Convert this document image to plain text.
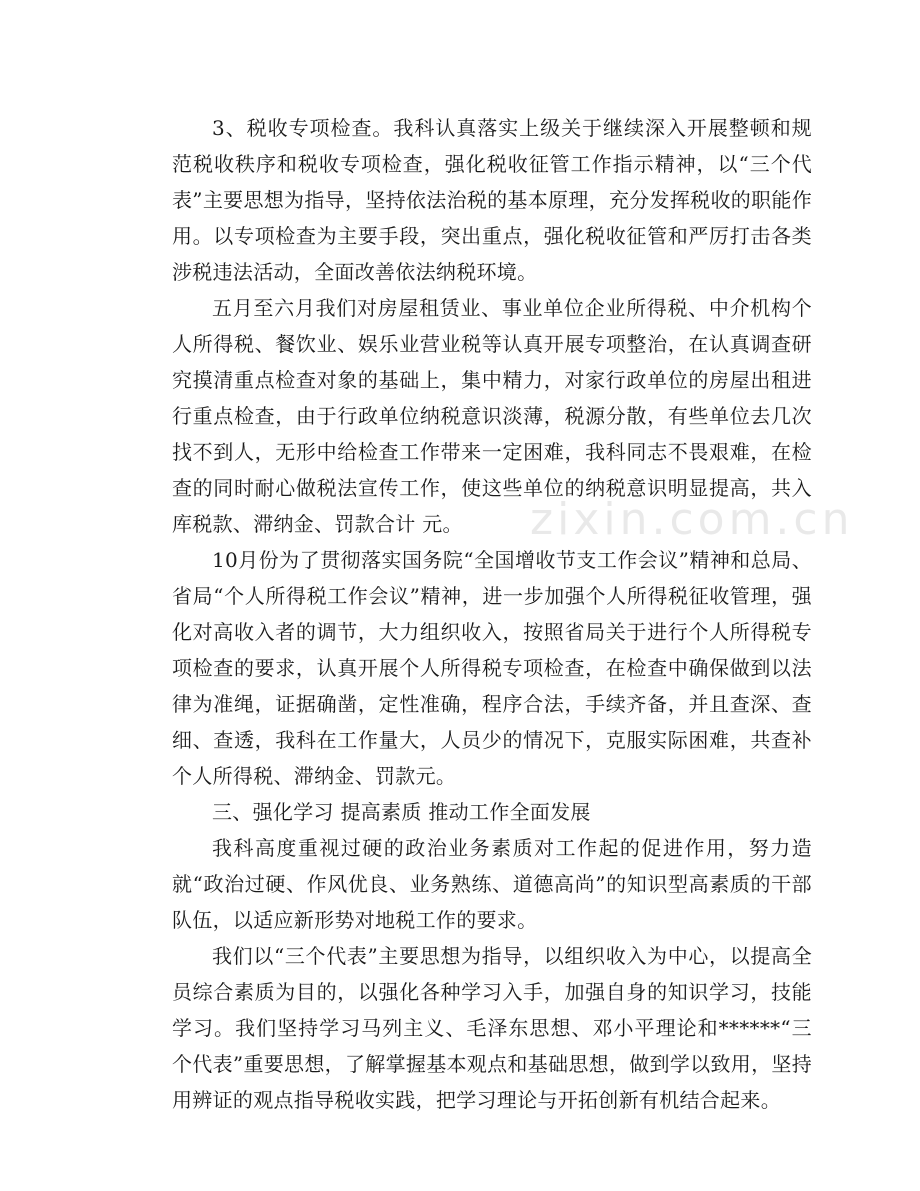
3、税收专项检查。我科认真落实上级关于继续深入开展整顿和规范税收秩序和税收专项检查，强化税收征管工作指示精神，以“三个代表”主要思想为指导，坚持依法治税的基本原理，充分发挥税收的职能作用。以专项检查为主要手段，突出重点，强化税收征管和严厉打击各类涉税违法活动，全面改善依法纳税环境。

五月至六月我们对房屋租赁业、事业单位企业所得税、中介机构个人所得税、餐饮业、娱乐业营业税等认真开展专项整治，在认真调查研究摸清重点检查对象的基础上，集中精力，对家行政单位的房屋出租进行重点检查，由于行政单位纳税意识淡薄，税源分散，有些单位去几次找不到人，无形中给检查工作带来一定困难，我科同志不畏艰难，在检查的同时耐心做税法宣传工作，使这些单位的纳税意识明显提高，共入库税款、滞纳金、罚款合计 元。

10月份为了贯彻落实国务院“全国增收节支工作会议”精神和总局、省局“个人所得税工作会议”精神，进一步加强个人所得税征收管理，强化对高收入者的调节，大力组织收入，按照省局关于进行个人所得税专项检查的要求，认真开展个人所得税专项检查，在检查中确保做到以法律为准绳，证据确凿，定性准确，程序合法，手续齐备，并且查深、查细、查透，我科在工作量大，人员少的情况下，克服实际困难，共查补个人所得税、滞纳金、罚款元。

三、强化学习 提高素质 推动工作全面发展

我科高度重视过硬的政治业务素质对工作起的促进作用，努力造就“政治过硬、作风优良、业务熟练、道德高尚”的知识型高素质的干部队伍，以适应新形势对地税工作的要求。

我们以“三个代表”主要思想为指导，以组织收入为中心，以提高全员综合素质为目的，以强化各种学习入手，加强自身的知识学习，技能学习。我们坚持学习马列主义、毛泽东思想、邓小平理论和******“三个代表”重要思想，了解掌握基本观点和基础思想，做到学以致用，坚持用辨证的观点指导税收实践，把学习理论与开拓创新有机结合起来。

zixin.com.cn
